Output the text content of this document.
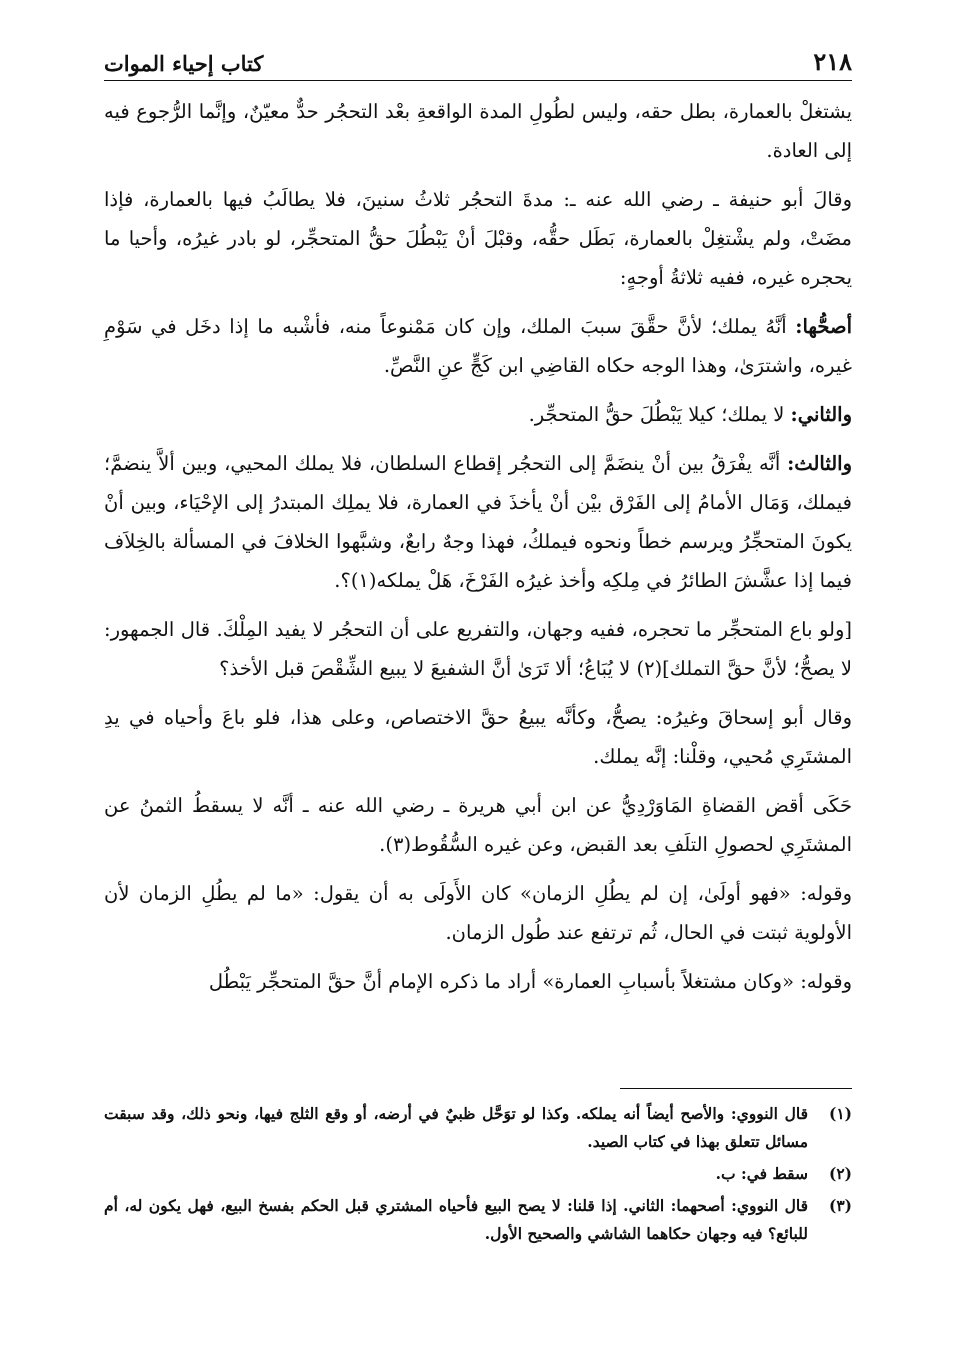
٢١٨
كتاب إحياء الموات

يشتغلْ بالعمارة، بطل حقه، وليس لطُولِ المدة الواقعةِ بعْد التحجُر حدٌّ معيّنٌ، وإنَّما الرُّجوع فيه إلى العادة.

وقالَ أبو حنيفة ـ رضي الله عنه ـ: مدةَ التحجُر ثلاثُ سنينَ، فلا يطالَبُ فيها بالعمارة، فإذا مضَتْ، ولم يشْتغِلْ بالعمارة، بَطَل حقُّه، وقبْلَ أنْ يَبْطُلَ حقُّ المتحجِّر، لو بادر غيرُه، وأحيا ما يحجره غيره، ففيه ثلاثةُ أوجهٍ:

أصحُّها: أنَّهُ يملك؛ لأنَّ حقَّقَ سببَ الملك، وإن كان مَمْنوعاً منه، فأشْبه ما إذا دخَل في سَوْمِ غيره، واشترَىٰ، وهذا الوجه حكاه القاضِي ابن كَجٍّ عنِ النَّصِّ.

والثاني: لا يملك؛ كيلا يَبْطُلَ حقُّ المتحجِّر.

والثالث: أنَّه يفْرَقُ بين أنْ ينضَمَّ إلى التحجُر إقطاع السلطان، فلا يملك المحيي، وبين ألاَّ ينضمَّ؛ فيملك، وَمَال الأمامُ إلى الفَرْق بيْن أنْ يأخذَ في العمارة، فلا يملِك المبتدرُ إلى الإحْيَاء، وبين أنْ يكونَ المتحجِّرُ ويرسم خطاً ونحوه فيملكُ، فهذا وجهٌ رابعٌ، وشبَّهوا الخلافَ في المسألة بالخِلاَف فيما إذا عشَّشَ الطائرُ في مِلكِه وأخذ غيرُه الفَرْخَ، هَلْ يملكه(١)؟.

[ولو باع المتحجِّر ما تحجره، ففيه وجهان، والتفريع على أن التحجُر لا يفيد المِلْكَ. قال الجمهور: لا يصحُّ؛ لأنَّ حقَّ التملك](٢) لا يُبَاعُ؛ ألا تَرَىٰ أنَّ الشفيعَ لا يبيع الشِّقْصَ قبل الأخذ؟

وقال أبو إسحاقَ وغيرُه: يصحُّ، وكأنَّه يبيعُ حقَّ الاختصاص، وعلى هذا، فلو باعَ وأحياه في يدِ المشتَرِي مُحيي، وقلْنا: إنَّه يملك.

حَكَى أقض القضاةِ المَاوَرْدِيُّ عن ابن أبي هريرة ـ رضي الله عنه ـ أنَّه لا يسقطُ الثمنُ عن المشتَرِي لحصولِ التلَفِ بعد القبض، وعن غيره السُّقُوط(٣).

وقوله: «فهو أولَىٰ، إن لم يطُلِ الزمان» كان الأَولَى به أن يقول: «ما لم يطُلِ الزمان لأن الأولوية ثبتت في الحال، ثُم ترتفع عند طُول الزمان.

وقوله: «وكان مشتغلاً بأسبابِ العمارة» أراد ما ذكره الإمام أنَّ حقَّ المتحجِّر يَبْطُل

(١)
قال النووي: والأصح أيضاً أنه يملكه. وكذا لو توَحَّل ظبيٌ في أرضه، أو وقع الثلج فيها، ونحو ذلك، وقد سبقت مسائل تتعلق بهذا في كتاب الصيد.
(٢)
سقط في: ب.
(٣)
قال النووي: أصحهما: الثاني. إذا قلنا: لا يصح البيع فأحياه المشتري قبل الحكم بفسخ البيع، فهل يكون له، أم للبائع؟ فيه وجهان حكاهما الشاشي والصحيح الأول.
